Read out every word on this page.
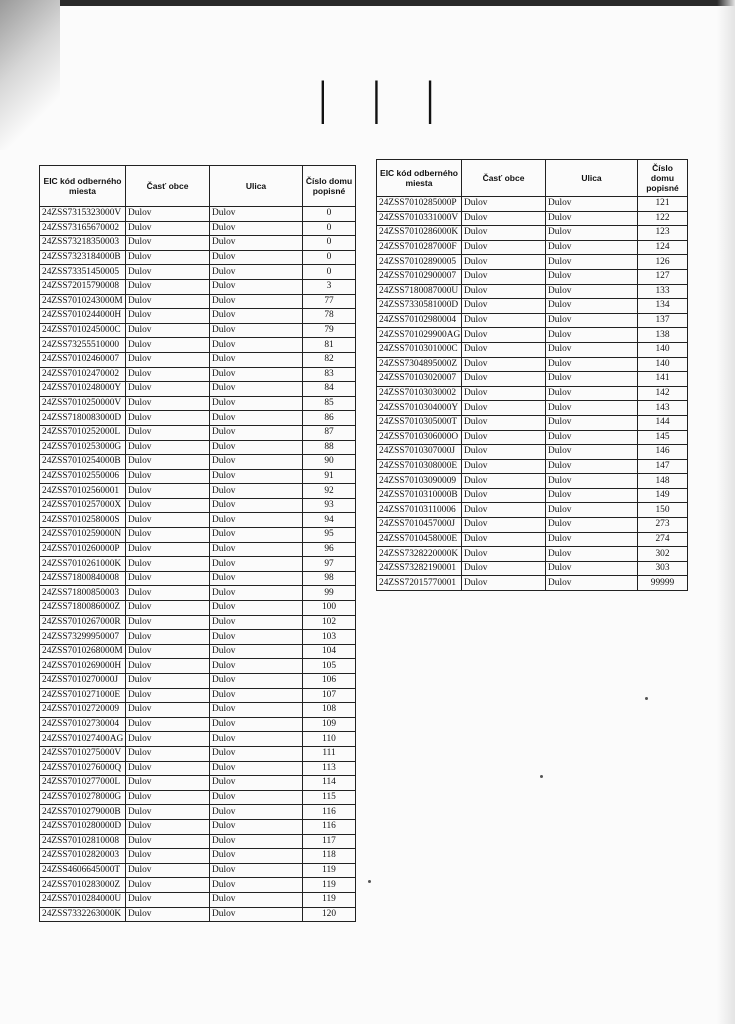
| | |
EIC kód odberného miesta	Časť obce	Ulica	Číslo domu popisné
24ZSS7315323000V	Dulov	Dulov	0
24ZSS73165670002	Dulov	Dulov	0
24ZSS73218350003	Dulov	Dulov	0
24ZSS7323184000B	Dulov	Dulov	0
24ZSS73351450005	Dulov	Dulov	0
24ZSS72015790008	Dulov	Dulov	3
24ZSS7010243000M	Dulov	Dulov	77
24ZSS7010244000H	Dulov	Dulov	78
24ZSS7010245000C	Dulov	Dulov	79
24ZSS73255510000	Dulov	Dulov	81
24ZSS70102460007	Dulov	Dulov	82
24ZSS70102470002	Dulov	Dulov	83
24ZSS7010248000Y	Dulov	Dulov	84
24ZSS7010250000V	Dulov	Dulov	85
24ZSS7180083000D	Dulov	Dulov	86
24ZSS7010252000L	Dulov	Dulov	87
24ZSS7010253000G	Dulov	Dulov	88
24ZSS7010254000B	Dulov	Dulov	90
24ZSS70102550006	Dulov	Dulov	91
24ZSS70102560001	Dulov	Dulov	92
24ZSS7010257000X	Dulov	Dulov	93
24ZSS7010258000S	Dulov	Dulov	94
24ZSS7010259000N	Dulov	Dulov	95
24ZSS7010260000P	Dulov	Dulov	96
24ZSS7010261000K	Dulov	Dulov	97
24ZSS71800840008	Dulov	Dulov	98
24ZSS71800850003	Dulov	Dulov	99
24ZSS7180086000Z	Dulov	Dulov	100
24ZSS7010267000R	Dulov	Dulov	102
24ZSS73299950007	Dulov	Dulov	103
24ZSS7010268000M	Dulov	Dulov	104
24ZSS7010269000H	Dulov	Dulov	105
24ZSS7010270000J	Dulov	Dulov	106
24ZSS7010271000E	Dulov	Dulov	107
24ZSS70102720009	Dulov	Dulov	108
24ZSS70102730004	Dulov	Dulov	109
24ZSS701027400AG	Dulov	Dulov	110
24ZSS7010275000V	Dulov	Dulov	111
24ZSS7010276000Q	Dulov	Dulov	113
24ZSS7010277000L	Dulov	Dulov	114
24ZSS7010278000G	Dulov	Dulov	115
24ZSS7010279000B	Dulov	Dulov	116
24ZSS7010280000D	Dulov	Dulov	116
24ZSS70102810008	Dulov	Dulov	117
24ZSS70102820003	Dulov	Dulov	118
24ZSS4606645000T	Dulov	Dulov	119
24ZSS7010283000Z	Dulov	Dulov	119
24ZSS7010284000U	Dulov	Dulov	119
24ZSS7332263000K	Dulov	Dulov	120
EIC kód odberného miesta	Časť obce	Ulica	Číslo domu popisné
24ZSS7010285000P	Dulov	Dulov	121
24ZSS7010331000V	Dulov	Dulov	122
24ZSS7010286000K	Dulov	Dulov	123
24ZSS7010287000F	Dulov	Dulov	124
24ZSS70102890005	Dulov	Dulov	126
24ZSS70102900007	Dulov	Dulov	127
24ZSS7180087000U	Dulov	Dulov	133
24ZSS7330581000D	Dulov	Dulov	134
24ZSS70102980004	Dulov	Dulov	137
24ZSS701029900AG	Dulov	Dulov	138
24ZSS7010301000C	Dulov	Dulov	140
24ZSS7304895000Z	Dulov	Dulov	140
24ZSS70103020007	Dulov	Dulov	141
24ZSS70103030002	Dulov	Dulov	142
24ZSS7010304000Y	Dulov	Dulov	143
24ZSS7010305000T	Dulov	Dulov	144
24ZSS7010306000O	Dulov	Dulov	145
24ZSS7010307000J	Dulov	Dulov	146
24ZSS7010308000E	Dulov	Dulov	147
24ZSS70103090009	Dulov	Dulov	148
24ZSS7010310000B	Dulov	Dulov	149
24ZSS70103110006	Dulov	Dulov	150
24ZSS7010457000J	Dulov	Dulov	273
24ZSS7010458000E	Dulov	Dulov	274
24ZSS7328220000K	Dulov	Dulov	302
24ZSS73282190001	Dulov	Dulov	303
24ZSS72015770001	Dulov	Dulov	99999
